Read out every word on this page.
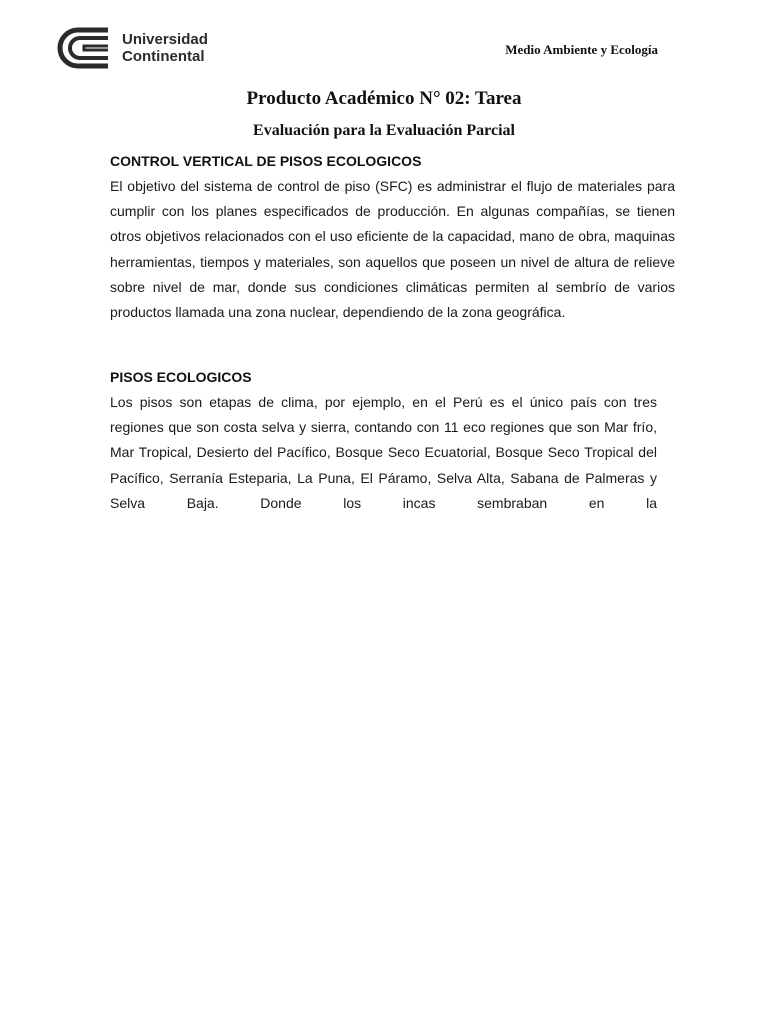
Universidad
Continental	Medio Ambiente y Ecología
Producto Académico N° 02: Tarea
Evaluación para la Evaluación Parcial
CONTROL VERTICAL DE PISOS ECOLOGICOS

El objetivo del sistema de control de piso (SFC) es administrar el flujo de materiales para cumplir con los planes especificados de producción. En algunas compañías, se tienen otros objetivos relacionados con el uso eficiente de la capacidad, mano de obra, maquinas herramientas, tiempos y materiales, son aquellos que poseen un nivel de altura de relieve sobre nivel de mar, donde sus condiciones climáticas permiten al sembrío de varios productos llamada una zona nuclear, dependiendo de la zona geográfica.

PISOS ECOLOGICOS

Los pisos son etapas de clima, por ejemplo, en el Perú es el único país con tres regiones que son costa selva y sierra, contando con 11 eco regiones que son Mar frío, Mar Tropical, Desierto del Pacífico, Bosque Seco Ecuatorial, Bosque Seco Tropical del Pacífico, Serranía Esteparia, La Puna, El Páramo, Selva Alta, Sabana de Palmeras y Selva Baja. Donde los incas sembraban en la
